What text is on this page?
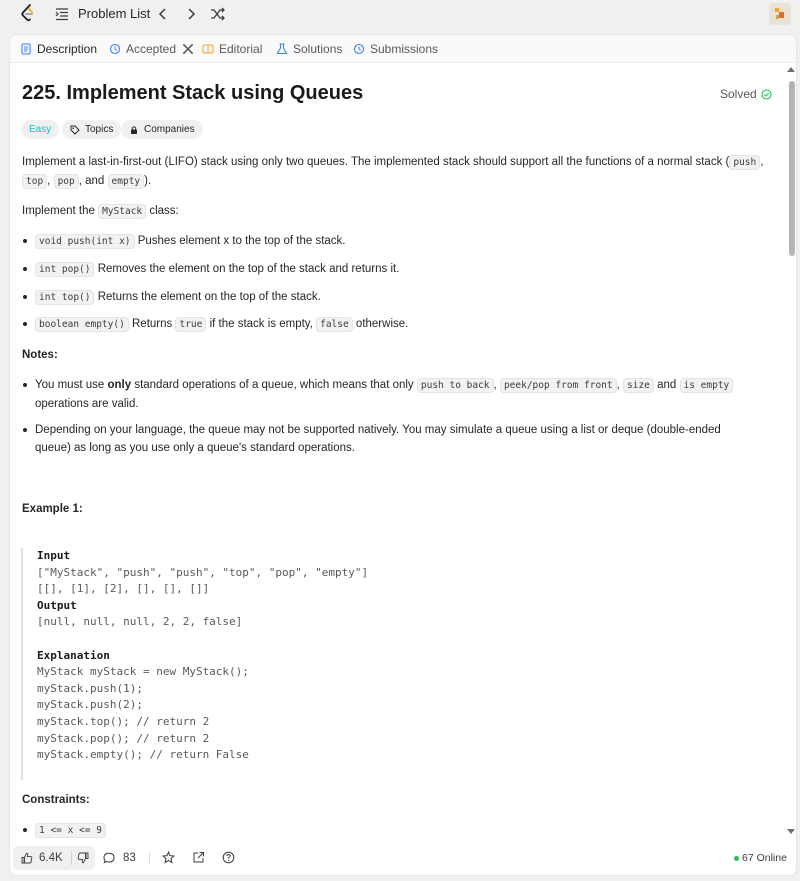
Problem List
Description Accepted	Editorial	Solutions Submissions
225. Implement Stack using Queues	Solved
Easy	Topics	Companies
Implement a last-in-first-out (LIFO) stack using only two queues. The implemented stack should support all the functions of a normal stack ( push , top , pop , and empty ).
Implement the MyStack class:
void push(int x) Pushes element x to the top of the stack.
int pop() Removes the element on the top of the stack and returns it.
int top() Returns the element on the top of the stack.
boolean empty() Returns true if the stack is empty, false otherwise.
Notes:
You must use only standard operations of a queue, which means that only push to back , peek/pop from front , size and is empty operations are valid.
Depending on your language, the queue may not be supported natively. You may simulate a queue using a list or deque (double-ended queue) as long as you use only a queue's standard operations.
Example 1:
Input
["MyStack", "push", "push", "top", "pop", "empty"]
[[], [1], [2], [], [], []]
Output
[null, null, null, 2, 2, false]
Explanation
MyStack myStack = new MyStack();
myStack.push(1);
myStack.push(2);
myStack.top(); // return 2
myStack.pop(); // return 2
myStack.empty(); // return False
Constraints:
1 <= x <= 9
6.4K	83	67 Online
